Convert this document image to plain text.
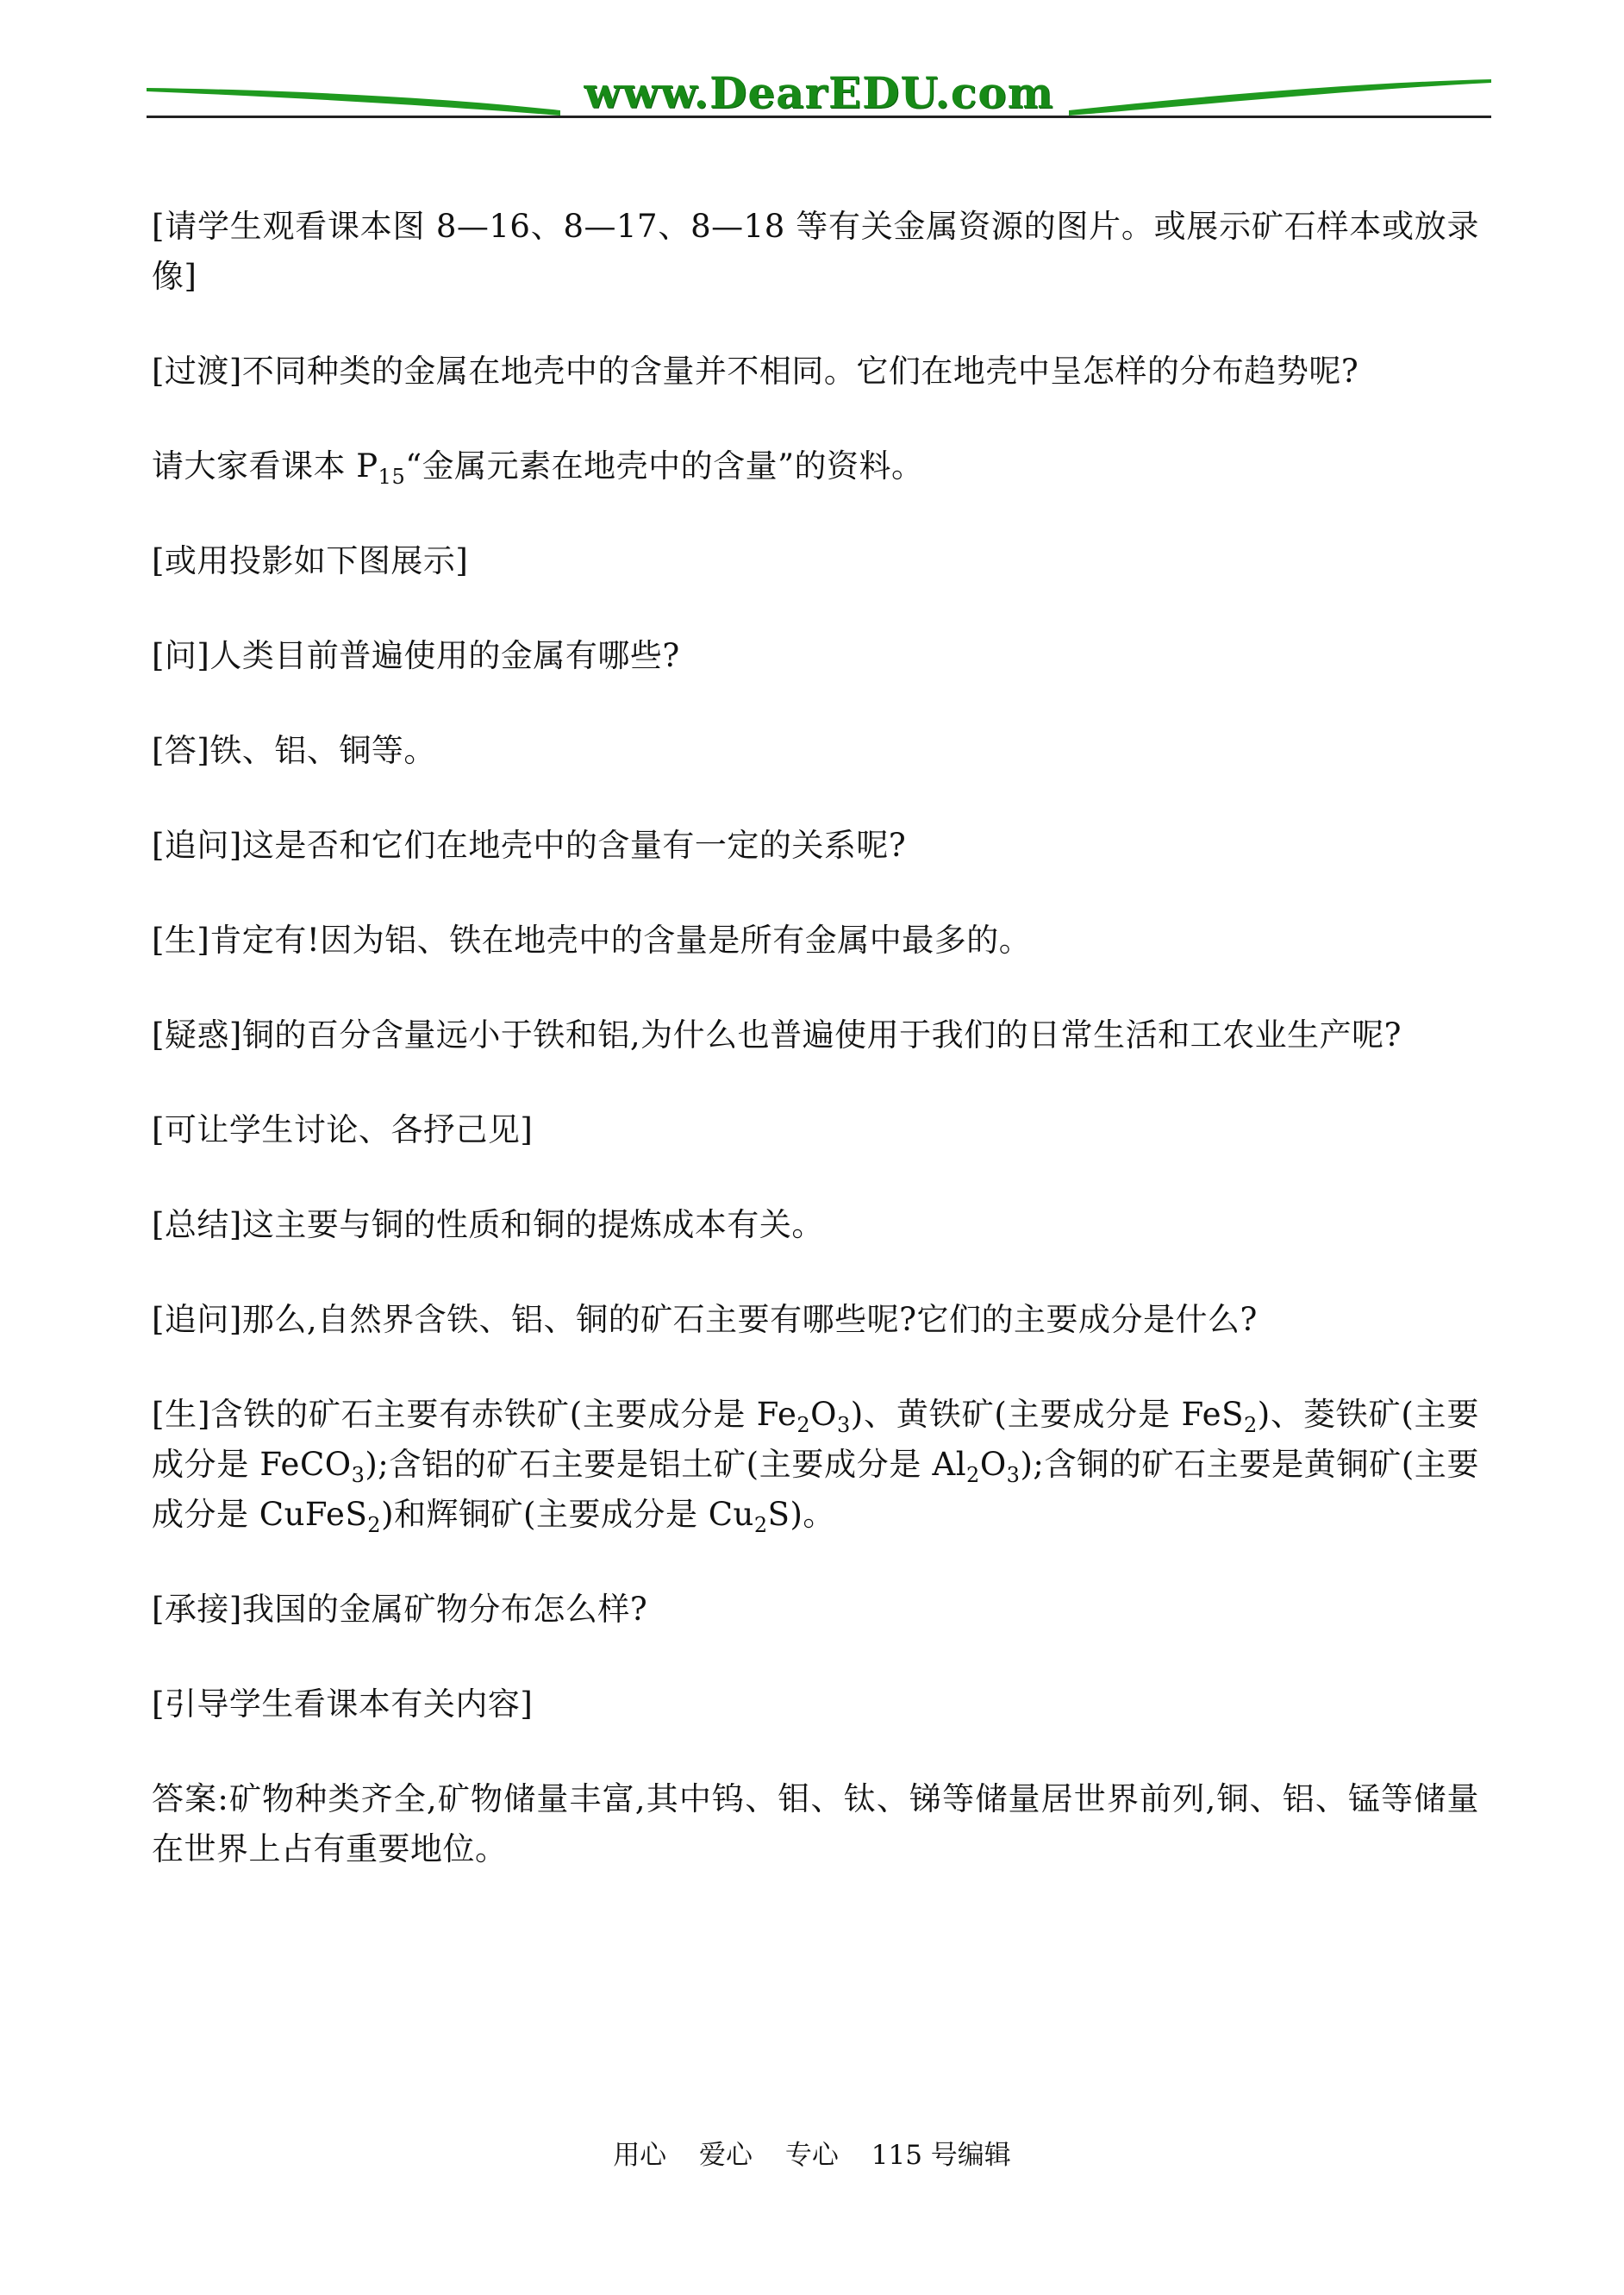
www.DearEDU.com

[请学生观看课本图 8—16、8—17、8—18 等有关金属资源的图片。或展示矿石样本或放录像]

[过渡]不同种类的金属在地壳中的含量并不相同。它们在地壳中呈怎样的分布趋势呢?

请大家看课本 $P_{15}“$金属元素在地壳中的含量”的资料。

[或用投影如下图展示]

[问]人类目前普遍使用的金属有哪些?

[答]铁、铝、铜等。

[追问]这是否和它们在地壳中的含量有一定的关系呢?

[生]肯定有!因为铝、铁在地壳中的含量是所有金属中最多的。

[疑惑]铜的百分含量远小于铁和铝,为什么也普遍使用于我们的日常生活和工农业生产呢?

[可让学生讨论、各抒己见]

[总结]这主要与铜的性质和铜的提炼成本有关。

[追问]那么,自然界含铁、铝、铜的矿石主要有哪些呢?它们的主要成分是什么?

[生]含铁的矿石主要有赤铁矿(主要成分是 $Fe_2O_3$)、黄铁矿(主要成分是 FeS$_2$)、菱铁矿(主要成分是 FeCO$_3$);含铝的矿石主要是铝土矿(主要成分是 $Al_2O_3$);含铜的矿石主要是黄铜矿(主要成分是 CuFeS$_2$)和辉铜矿(主要成分是 $Cu_2S$)。

[承接]我国的金属矿物分布怎么样?

[引导学生看课本有关内容]

答案:矿物种类齐全,矿物储量丰富,其中钨、钼、钛、锑等储量居世界前列,铜、铝、锰等储量在世界上占有重要地位。

用心 爱心 专心 115 号编辑
